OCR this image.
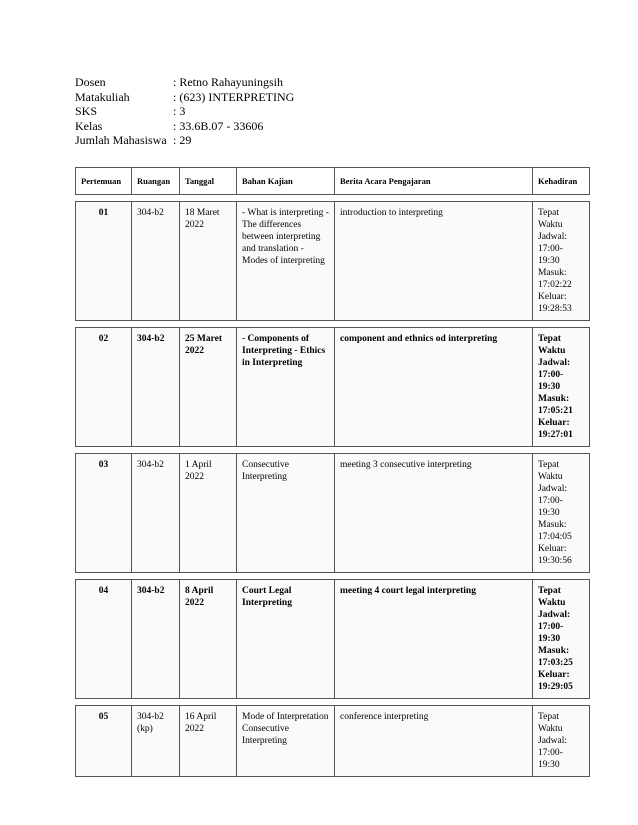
Dosen	: Retno Rahayuningsih
Matakuliah	: (623) INTERPRETING
SKS	: 3
Kelas	: 33.6B.07 - 33606
Jumlah Mahasiswa : 29
Pertemuan	Ruangan	Tanggal	Bahan Kajian	Berita Acara Pengajaran	Kehadiran

01	304-b2	18 Maret 2022	- What is interpreting - The differences between interpreting and translation - Modes of interpreting	introduction to interpreting	Tepat Waktu Jadwal: 17:00-19:30 Masuk: 17:02:22 Keluar: 19:28:53

02	304-b2	25 Maret 2022	- Components of Interpreting - Ethics in Interpreting	component and ethnics od interpreting	Tepat Waktu Jadwal: 17:00-19:30 Masuk: 17:05:21 Keluar: 19:27:01

03	304-b2	1 April 2022	Consecutive Interpreting	meeting 3 consecutive interpreting	Tepat Waktu Jadwal: 17:00-19:30 Masuk: 17:04:05 Keluar: 19:30:56

04	304-b2	8 April 2022	Court Legal Interpreting	meeting 4 court legal interpreting	Tepat Waktu Jadwal: 17:00-19:30 Masuk: 17:03:25 Keluar: 19:29:05

05	304-b2 (kp)	16 April 2022	Mode of Interpretation Consecutive Interpreting	conference interpreting	Tepat Waktu Jadwal: 17:00-19:30
